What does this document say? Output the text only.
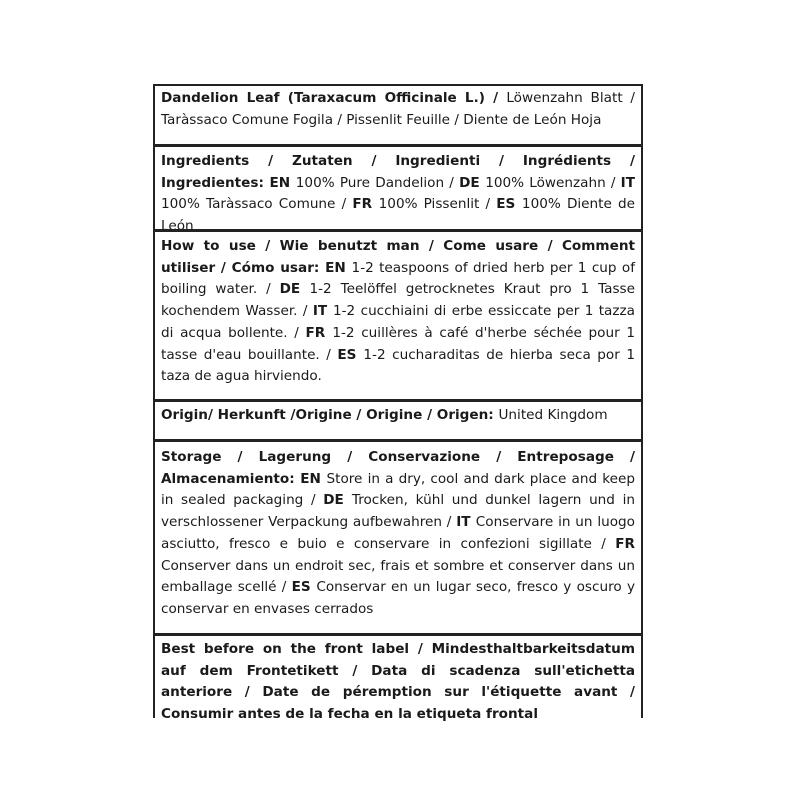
Dandelion Leaf (Taraxacum Officinale L.) / Löwenzahn Blatt / Taràssaco Comune Fogila / Pissenlit Feuille / Diente de León Hoja
Ingredients / Zutaten / Ingredienti / Ingrédients / Ingredientes: EN 100% Pure Dandelion / DE 100% Löwenzahn / IT 100% Taràssaco Comune / FR 100% Pissenlit / ES 100% Diente de León
How to use / Wie benutzt man / Come usare / Comment utiliser / Cómo usar: EN 1-2 teaspoons of dried herb per 1 cup of boiling water. / DE 1-2 Teelöffel getrocknetes Kraut pro 1 Tasse kochendem Wasser. / IT 1-2 cucchiaini di erbe essiccate per 1 tazza di acqua bollente. / FR 1-2 cuillères à café d'herbe séchée pour 1 tasse d'eau bouillante. / ES 1-2 cucharaditas de hierba seca por 1 taza de agua hirviendo.
Origin/ Herkunft /Origine / Origine / Origen: United Kingdom
Storage / Lagerung / Conservazione / Entreposage / Almacenamiento: EN Store in a dry, cool and dark place and keep in sealed packaging / DE Trocken, kühl und dunkel lagern und in verschlossener Verpackung aufbewahren / IT Conservare in un luogo asciutto, fresco e buio e conservare in confezioni sigillate / FR Conserver dans un endroit sec, frais et sombre et conserver dans un emballage scellé / ES Conservar en un lugar seco, fresco y oscuro y conservar en envases cerrados
Best before on the front label / Mindesthaltbarkeitsdatum auf dem Frontetikett / Data di scadenza sull'etichetta anteriore / Date de péremption sur l'étiquette avant / Consumir antes de la fecha en la etiqueta frontal
